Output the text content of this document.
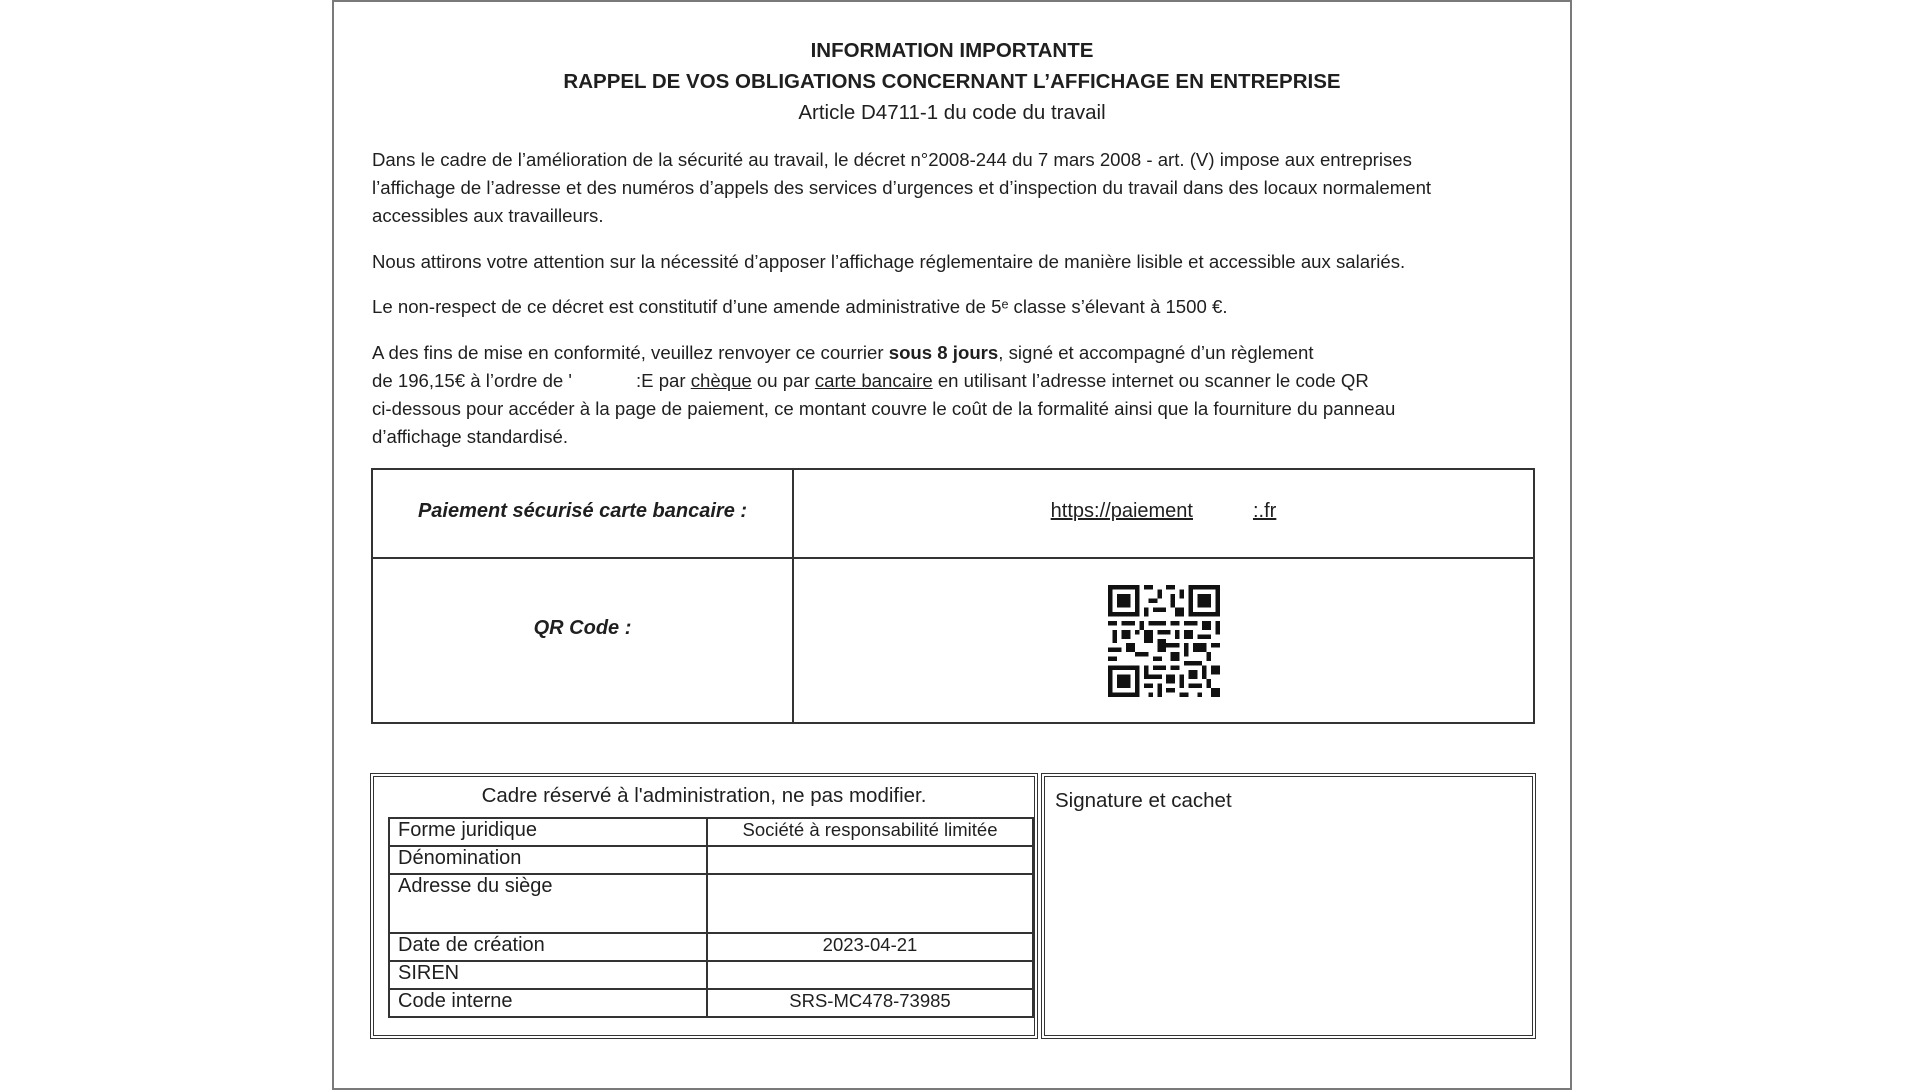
INFORMATION IMPORTANTE
RAPPEL DE VOS OBLIGATIONS CONCERNANT L’AFFICHAGE EN ENTREPRISE
Article D4711-1 du code du travail
Dans le cadre de l’amélioration de la sécurité au travail, le décret n°2008-244 du 7 mars 2008 - art. (V) impose aux entreprises
l’affichage de l’adresse et des numéros d’appels des services d’urgences et d’inspection du travail dans des locaux normalement
accessibles aux travailleurs.
Nous attirons votre attention sur la nécessité d’apposer l’affichage réglementaire de manière lisible et accessible aux salariés.
Le non-respect de ce décret est constitutif d’une amende administrative de 5ᵉ classe s’élevant à 1500 €.
A des fins de mise en conformité, veuillez renvoyer ce courrier sous 8 jours, signé et accompagné d’un règlement
de 196,15€ à l’ordre de '	:E par chèque ou par carte bancaire en utilisant l’adresse internet ou scanner le code QR
ci-dessous pour accéder à la page de paiement, ce montant couvre le coût de la formalité ainsi que la fourniture du panneau
d’affichage standardisé.
Paiement sécurisé carte bancaire :	https://paiement	:.fr
QR Code :
Cadre réservé à l'administration, ne pas modifier.
Forme juridique	Société à responsabilité limitée
Dénomination	
Adresse du siège	
Date de création	2023-04-21
SIREN	
Code interne	SRS-MC478-73985
Signature et cachet
